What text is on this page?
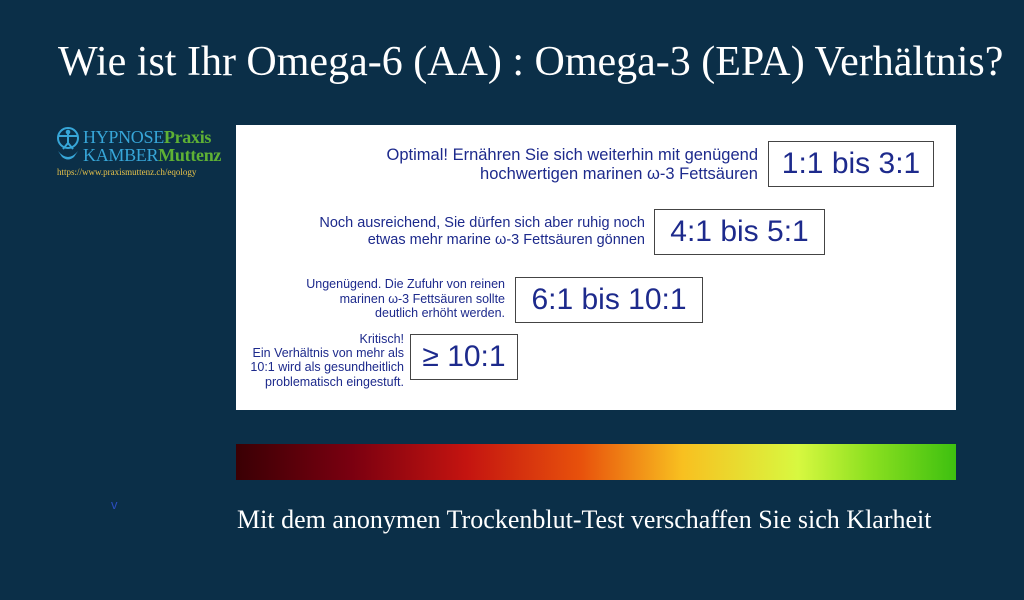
Wie ist Ihr Omega-6 (AA) : Omega-3 (EPA) Verhältnis?
HYPNOSEPraxis
KAMBERMuttenz
https://www.praxismuttenz.ch/eqology
Optimal! Ernähren Sie sich weiterhin mit genügend
hochwertigen marinen ω-3 Fettsäuren 1:1 bis 3:1
Noch ausreichend, Sie dürfen sich aber ruhig noch
etwas mehr marine ω-3 Fettsäuren gönnen 4:1 bis 5:1
Ungenügend. Die Zufuhr von reinen
marinen ω-3 Fettsäuren sollte
deutlich erhöht werden. 6:1 bis 10:1
Kritisch!
Ein Verhältnis von mehr als
10:1 wird als gesundheitlich
problematisch eingestuft.
≥ 10:1
v
Mit dem anonymen Trockenblut-Test verschaffen Sie sich Klarheit
